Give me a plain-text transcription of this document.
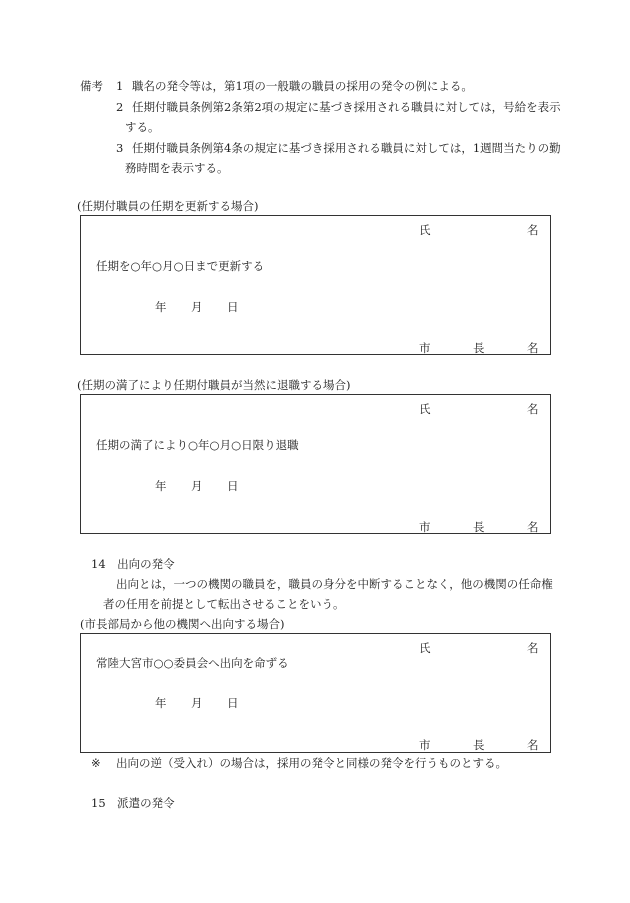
備考 1 職名の発令等は，第1項の一般職の職員の採用の発令の例による。
2 任期付職員条例第2条第2項の規定に基づき採用される職員に対しては，号給を表示
する。
3 任期付職員条例第4条の規定に基づき採用される職員に対しては，1週間当たりの勤
務時間を表示する。
(任期付職員の任期を更新する場合)
氏	名
任期を○年○月○日まで更新する
年 月 日
市	長	名
(任期の満了により任期付職員が当然に退職する場合)
氏	名
任期の満了により○年○月○日限り退職
年 月 日
市	長	名
14　出向の発令
出向とは，一つの機関の職員を，職員の身分を中断することなく，他の機関の任命権
者の任用を前提として転出させることをいう。
(市長部局から他の機関へ出向する場合)
氏	名
常陸大宮市○○委員会へ出向を命ずる
年 月 日
市	長	名
※ 出向の逆（受入れ）の場合は，採用の発令と同様の発令を行うものとする。
15　派遣の発令
